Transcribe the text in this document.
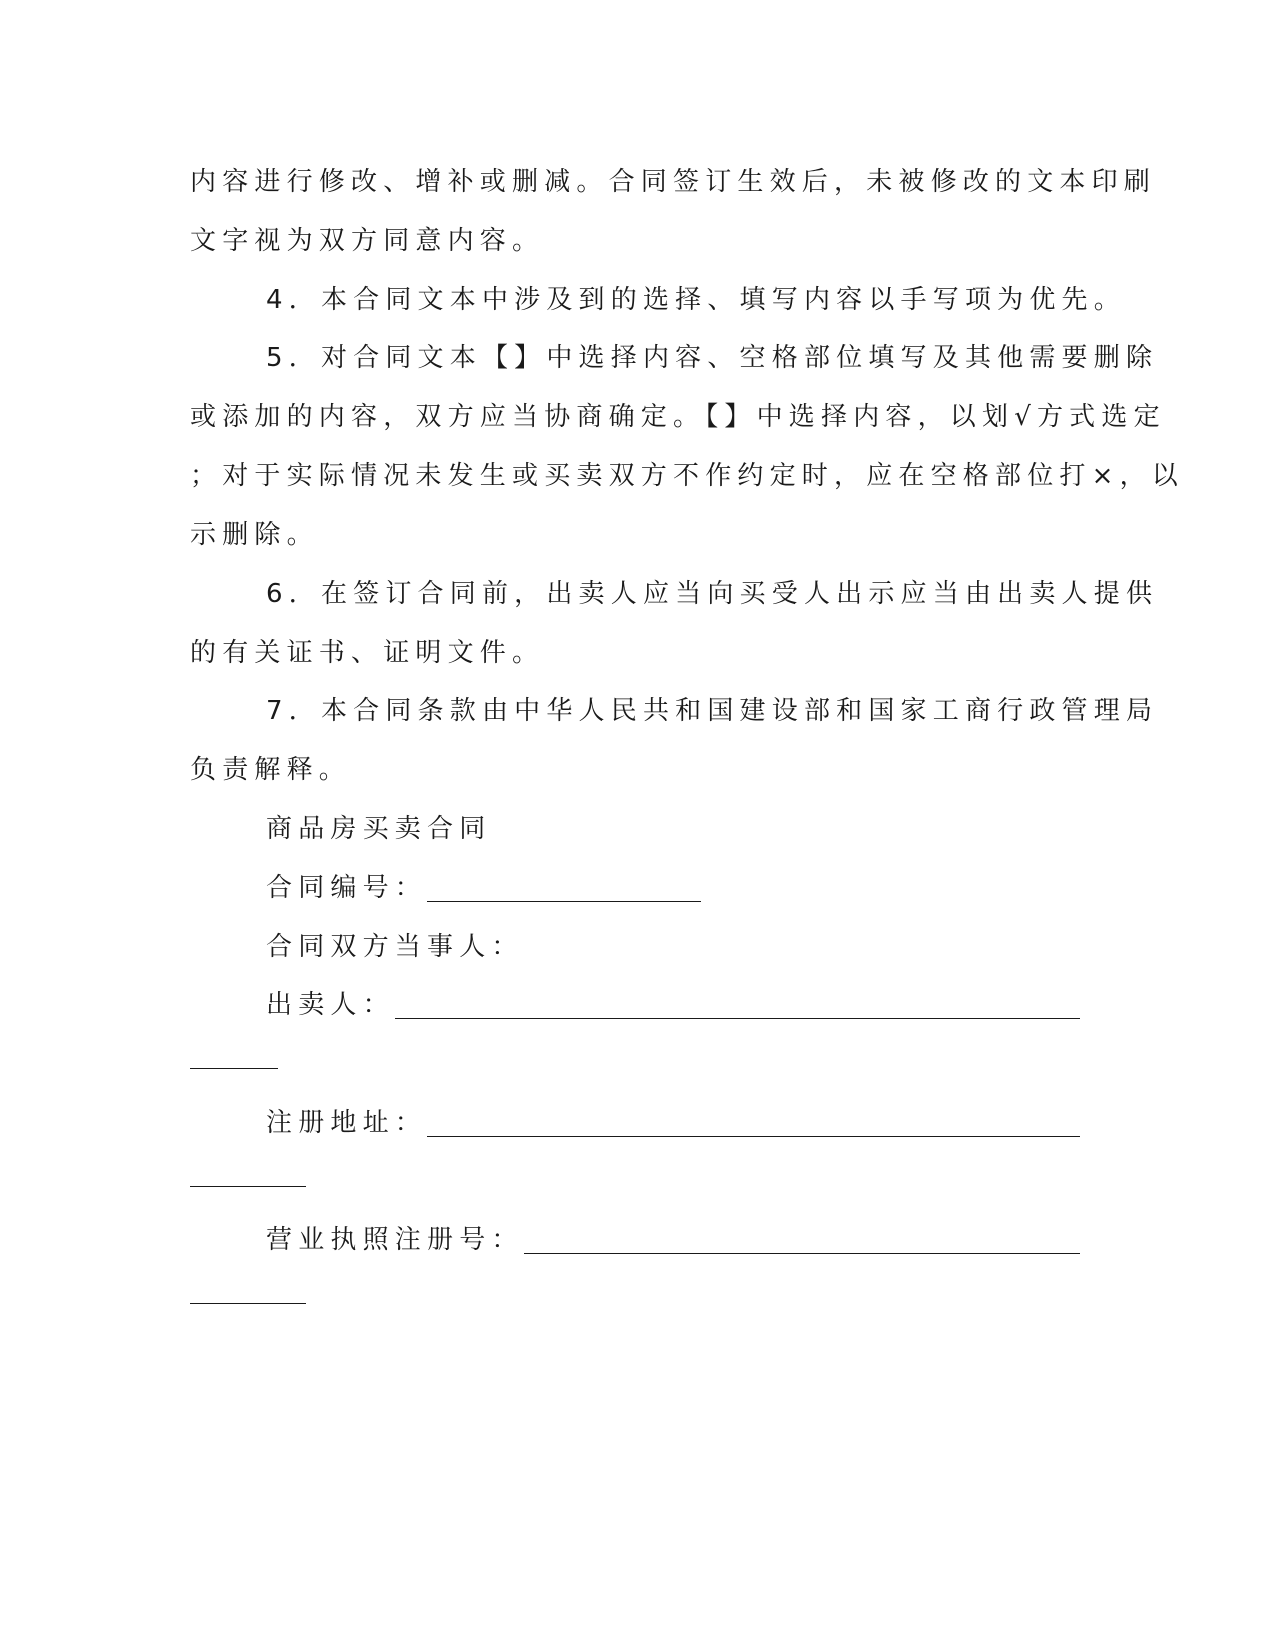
内容进行修改、增补或删减。合同签订生效后，未被修改的文本印刷
文字视为双方同意内容。
4．本合同文本中涉及到的选择、填写内容以手写项为优先。
5．对合同文本【】中选择内容、空格部位填写及其他需要删除
或添加的内容，双方应当协商确定。【】中选择内容，以划√方式选定
；对于实际情况未发生或买卖双方不作约定时，应在空格部位打×，以
示删除。
6．在签订合同前，出卖人应当向买受人出示应当由出卖人提供
的有关证书、证明文件。
7．本合同条款由中华人民共和国建设部和国家工商行政管理局
负责解释。
商品房买卖合同
合同编号：
合同双方当事人：
出卖人：
注册地址：
营业执照注册号：
